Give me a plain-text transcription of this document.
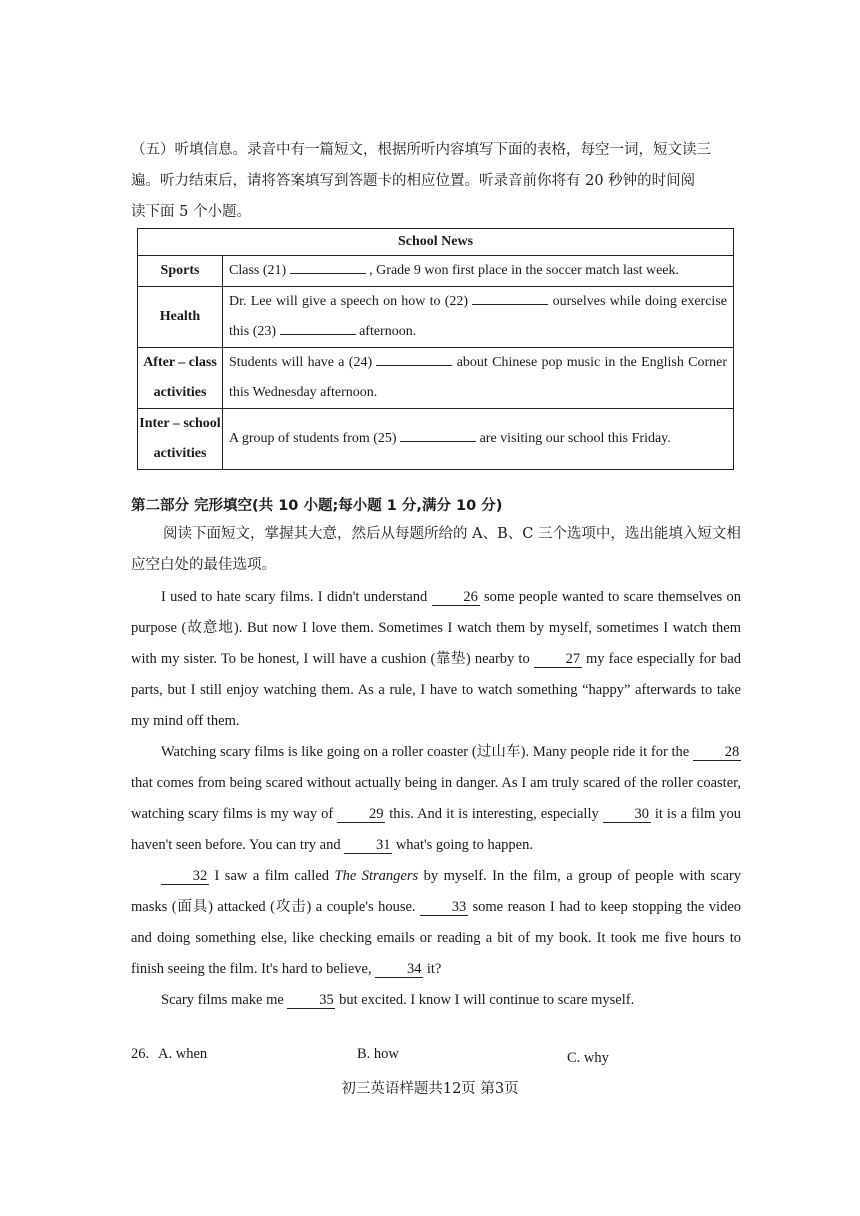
（五）听填信息。录音中有一篇短文，根据所听内容填写下面的表格，每空一词，短文读三

遍。听力结束后，请将答案填写到答题卡的相应位置。听录音前你将有 20 秒钟的时间阅

读下面 5 个小题。

School News	
Sports	Class (21) , Grade 9 won first place in the soccer match last week.
Health	Dr. Lee will give a speech on how to (22) ourselves while doing exercise this (23) afternoon.

After – class
activities	Students will have a (24) about Chinese pop music in the English Corner this Wednesday afternoon.

Inter – school
activities	A group of students from (25) are visiting our school this Friday.
第二部分 完形填空(共 10 小题;每小题 1 分,满分 10 分)

阅读下面短文，掌握其大意，然后从每题所给的 A、B、C 三个选项中，选出能填入短文相应空白处的最佳选项。

I used to hate scary films. I didn't understand 26 some people wanted to scare themselves on purpose (故意地). But now I love them. Sometimes I watch them by myself, sometimes I watch them with my sister. To be honest, I will have a cushion (靠垫) nearby to 27 my face especially for bad parts, but I still enjoy watching them. As a rule, I have to watch something “happy” afterwards to take my mind off them.

Watching scary films is like going on a roller coaster (过山车). Many people ride it for the 28 that comes from being scared without actually being in danger. As I am truly scared of the roller coaster, watching scary films is my way of 29 this. And it is interesting, especially 30 it is a film you haven't seen before. You can try and 31 what's going to happen.

32 I saw a film called The Strangers by myself. In the film, a group of people with scary masks (面具) attacked (攻击) a couple's house. 33 some reason I had to keep stopping the video and doing something else, like checking emails or reading a bit of my book. It took me five hours to finish seeing the film. It's hard to believe, 34 it?

Scary films make me 35 but excited. I know I will continue to scare myself.

26. A. when	B. how	C. why
初三英语样题共12页 第3页
